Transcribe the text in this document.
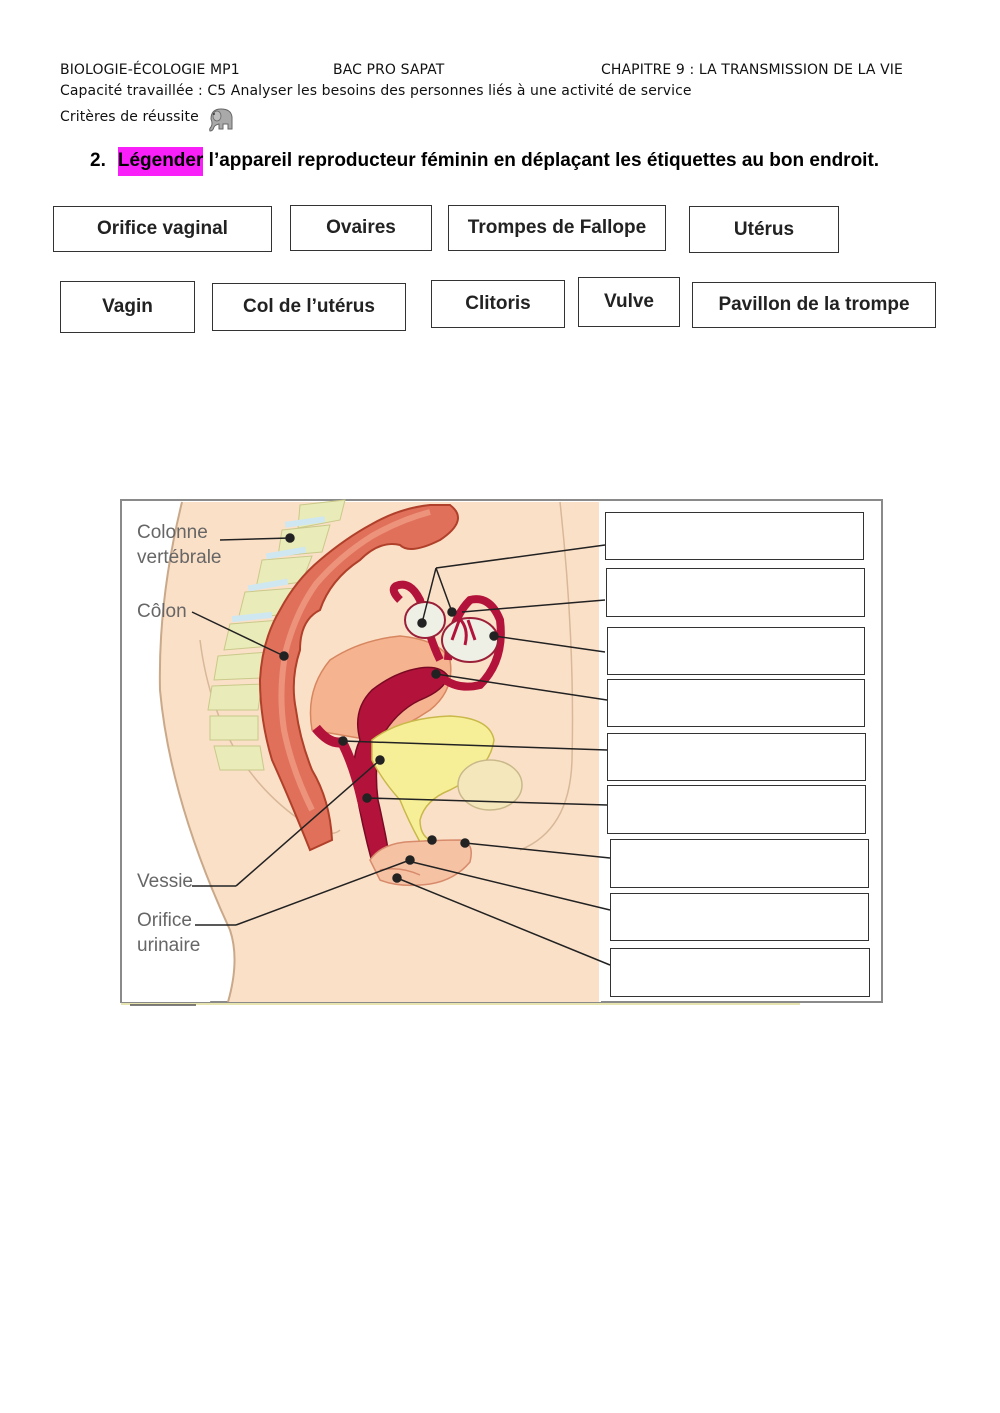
BIOLOGIE-ÉCOLOGIE MP1	BAC PRO SAPAT	CHAPITRE 9 : LA TRANSMISSION DE LA VIE
Capacité travaillée : C5 Analyser les besoins des personnes liés à une activité de service
Critères de réussite
2. Légender l’appareil reproducteur féminin en déplaçant les étiquettes au bon endroit.
Orifice vaginal	Ovaires	Trompes de Fallope	Utérus
Vagin	Col de l’utérus	Clitoris	Vulve	Pavillon de la trompe
Colonne
vertébrale
Côlon
Vessie
Orifice
urinaire
